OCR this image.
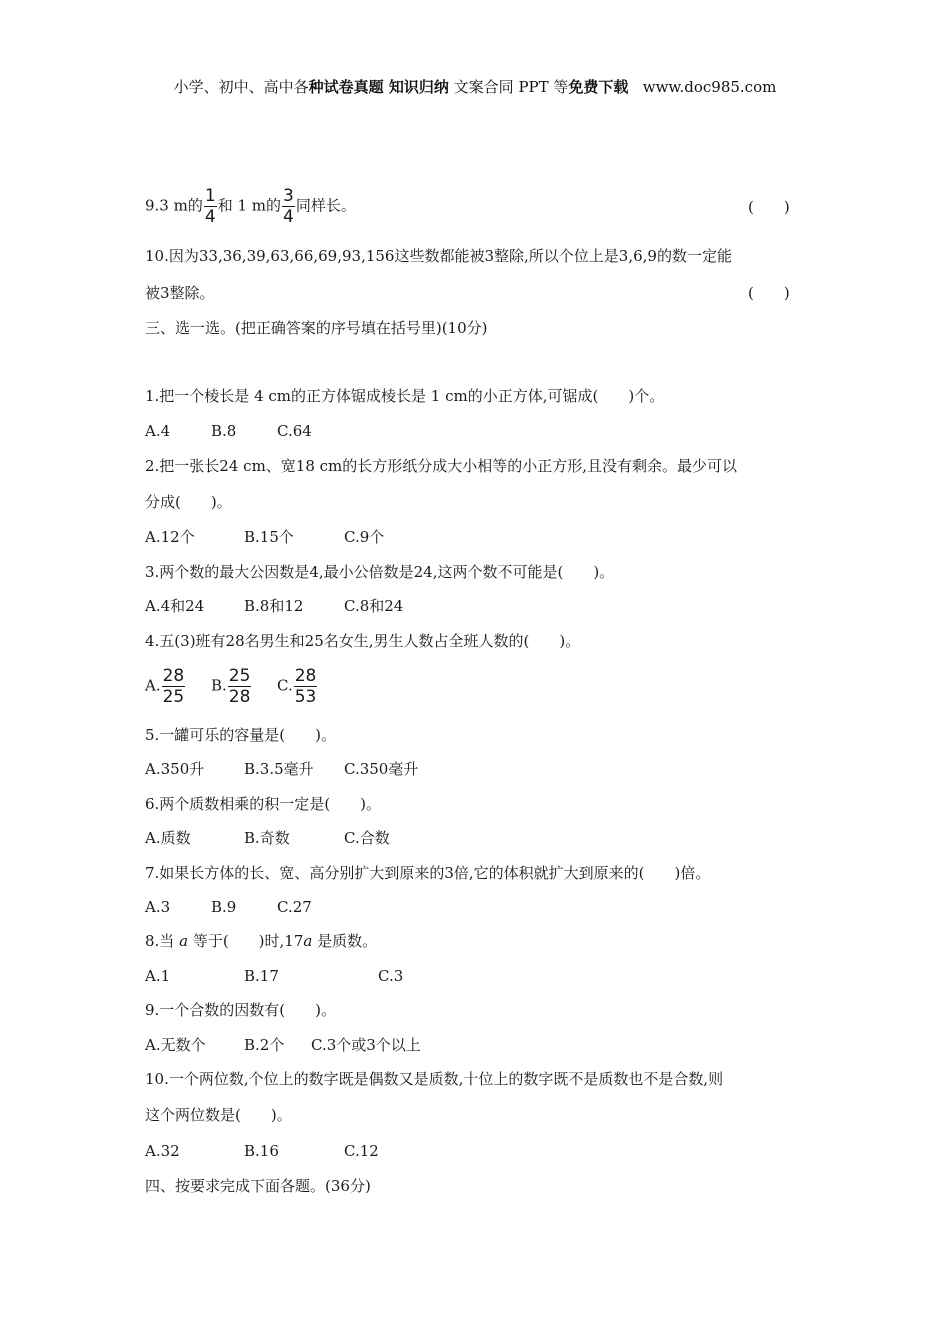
小学、初中、高中各种试卷真题 知识归纳 文案合同 PPT 等免费下载 www.doc985.com
9.3 m的 $\frac{1}{4}$ 和 1 m的 $\frac{3}{4}$ 同样长。	(　　)
10.因为33,36,39,63,66,69,93,156这些数都能被3整除,所以个位上是3,6,9的数一定能
被3整除。	(　　)
三、选一选。(把正确答案的序号填在括号里)(10分)
1.把一个棱长是 4 cm的正方体锯成棱长是 1 cm的小正方体,可锯成(　　)个。
A.4	B.8	C.64
2.把一张长24 cm、宽18 cm的长方形纸分成大小相等的小正方形,且没有剩余。最少可以
分成(　　)。
A.12个	B.15个	C.9个
3.两个数的最大公因数是4,最小公倍数是24,这两个数不可能是(　　)。
A.4和24	B.8和12	C.8和24
4.五(3)班有28名男生和25名女生,男生人数占全班人数的(　　)。
A. $\frac{28}{25} B$. $\frac{25}{28} C$. $\frac{28}{53}$
5.一罐可乐的容量是(　　)。
A.350升	B.3.5毫升 C.350毫升
6.两个质数相乘的积一定是(　　)。
A.质数	B.奇数	C.合数
7.如果长方体的长、宽、高分别扩大到原来的3倍,它的体积就扩大到原来的(　　)倍。
A.3	B.9	C.27
8.当 a 等于(　　)时,17a 是质数。
A.1	B.17	C.3
9.一个合数的因数有(　　)。
A.无数个	B.2个 C.3个或3个以上
10.一个两位数,个位上的数字既是偶数又是质数,十位上的数字既不是质数也不是合数,则
这个两位数是(　　)。
A.32	B.16	C.12
四、按要求完成下面各题。(36分)
